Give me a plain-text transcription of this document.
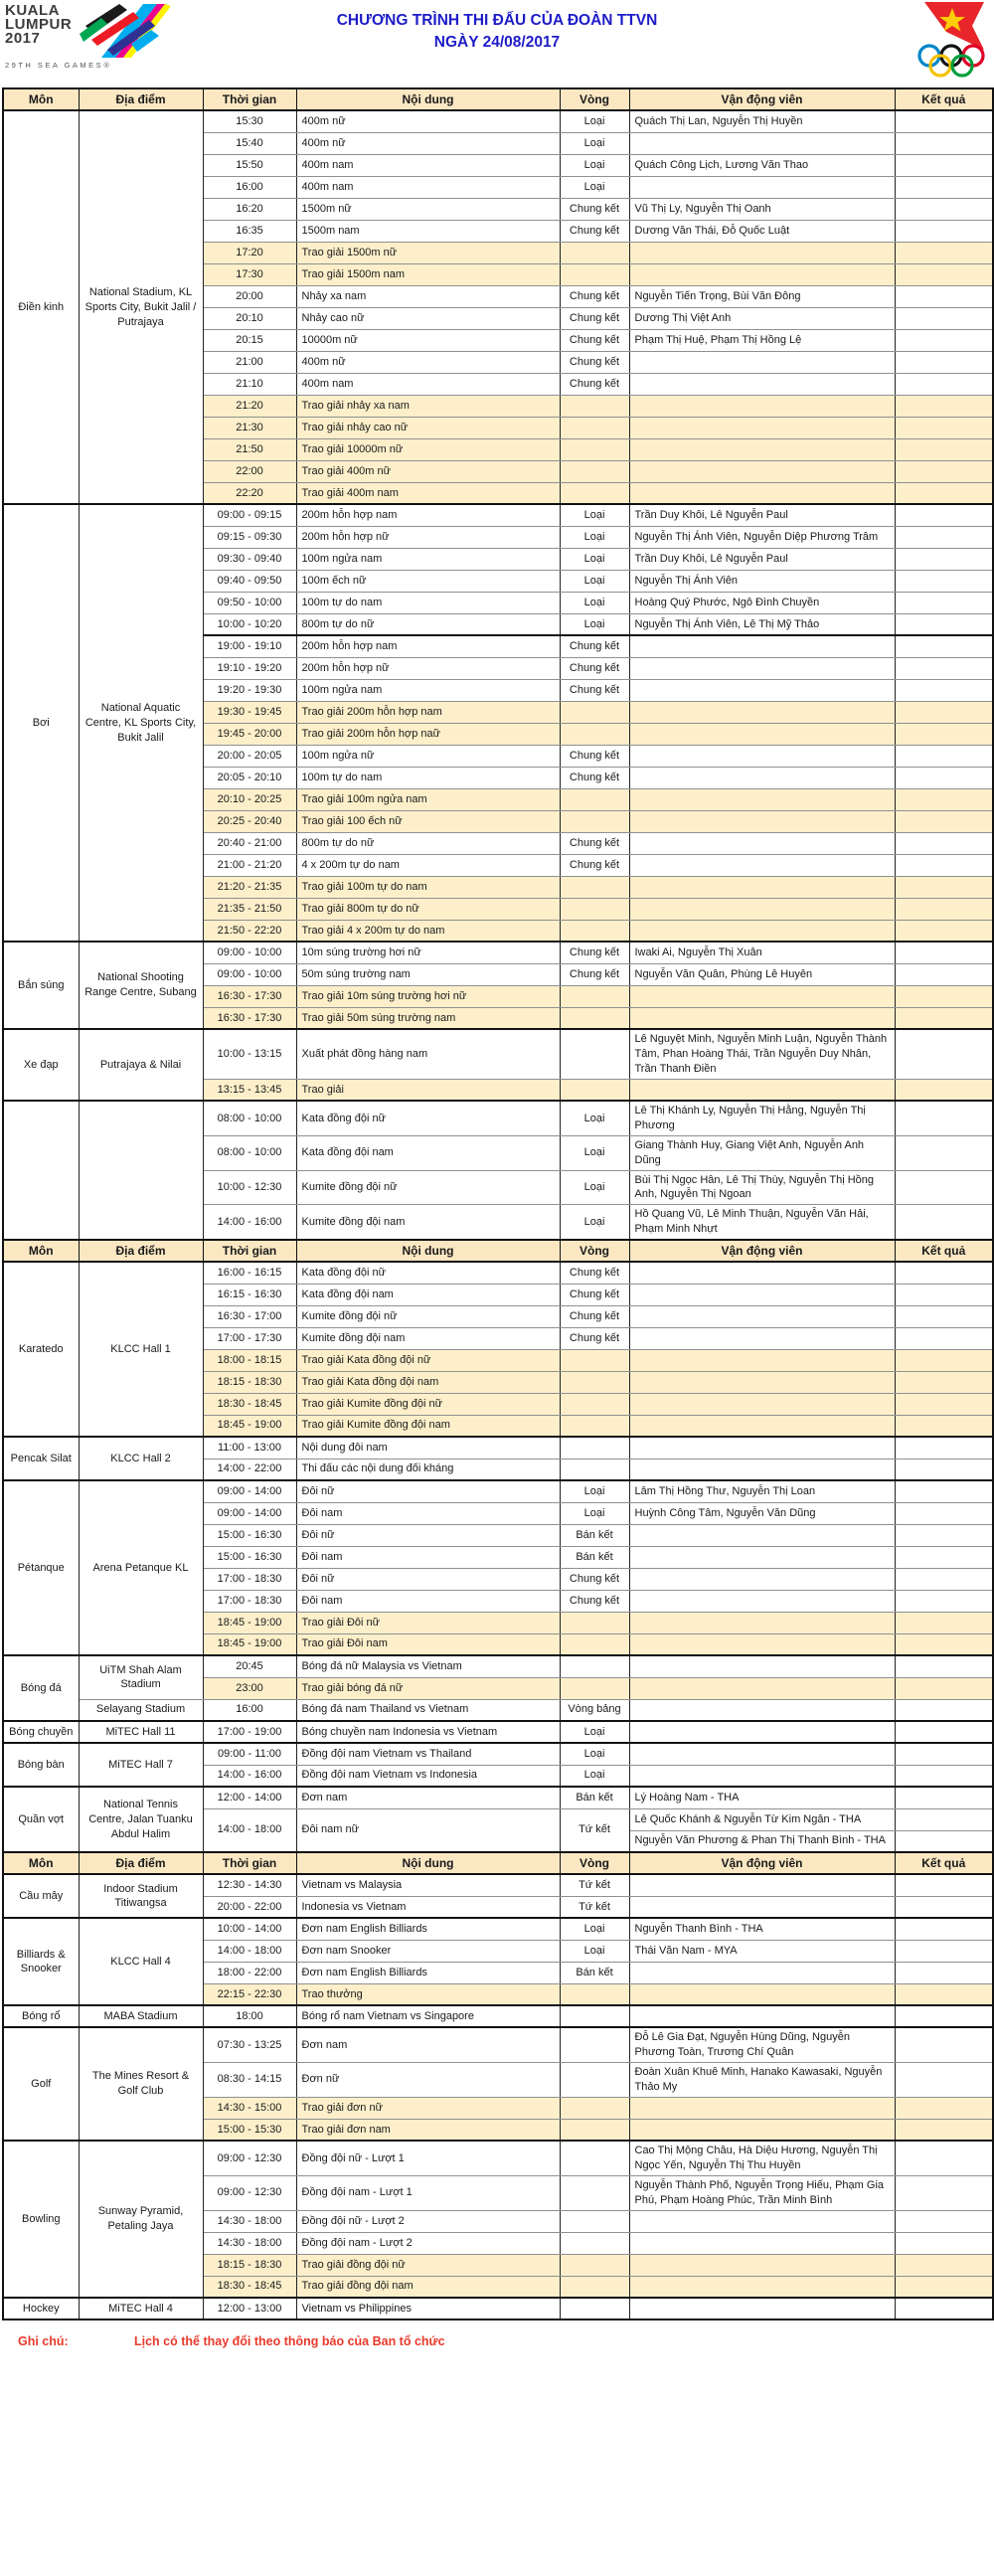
KUALA
LUMPUR
2017
29TH SEA GAMES®
CHƯƠNG TRÌNH THI ĐẤU CỦA ĐOÀN TTVN
NGÀY 24/08/2017
Môn	Địa điểm	Thời gian	Nội dung	Vòng	Vận động viên	Kết quả
Điền kinh	National Stadium, KL Sports City, Bukit Jalil / Putrajaya	15:30	400m nữ	Loại	Quách Thị Lan, Nguyễn Thị Huyền	
		15:40	400m nữ	Loại		
		15:50	400m nam	Loại	Quách Công Lịch, Lương Văn Thao	
		16:00	400m nam	Loại		
		16:20	1500m nữ	Chung kết	Vũ Thị Ly, Nguyễn Thị Oanh	
		16:35	1500m nam	Chung kết	Dương Văn Thái, Đỗ Quốc Luật	
		17:20	Trao giải 1500m nữ			
		17:30	Trao giải 1500m nam			
		20:00	Nhảy xa nam	Chung kết	Nguyễn Tiến Trọng, Bùi Văn Đông	
		20:10	Nhảy cao nữ	Chung kết	Dương Thị Việt Anh	
		20:15	10000m nữ	Chung kết	Phạm Thị Huệ, Phạm Thị Hồng Lệ	
		21:00	400m nữ	Chung kết		
		21:10	400m nam	Chung kết		
		21:20	Trao giải nhảy xa nam			
		21:30	Trao giải nhảy cao nữ			
		21:50	Trao giải 10000m nữ			
		22:00	Trao giải 400m nữ			
		22:20	Trao giải 400m nam			
Bơi	National Aquatic Centre, KL Sports City, Bukit Jalil	09:00 - 09:15	200m hỗn hợp nam	Loại	Trần Duy Khôi, Lê Nguyễn Paul	
		09:15 - 09:30	200m hỗn hợp nữ	Loại	Nguyễn Thị Ánh Viên, Nguyễn Diệp Phương Trâm	
		09:30 - 09:40	100m ngửa nam	Loại	Trần Duy Khôi, Lê Nguyễn Paul	
		09:40 - 09:50	100m ếch nữ	Loại	Nguyễn Thị Ánh Viên	
		09:50 - 10:00	100m tự do nam	Loại	Hoàng Quý Phước, Ngô Đình Chuyền	
		10:00 - 10:20	800m tự do nữ	Loại	Nguyễn Thị Ánh Viên, Lê Thị Mỹ Thảo	
		19:00 - 19:10	200m hỗn hợp nam	Chung kết		
		19:10 - 19:20	200m hỗn hợp nữ	Chung kết		
		19:20 - 19:30	100m ngửa nam	Chung kết		
		19:30 - 19:45	Trao giải 200m hỗn hợp nam			
		19:45 - 20:00	Trao giải 200m hỗn hợp naữ			
		20:00 - 20:05	100m ngửa nữ	Chung kết		
		20:05 - 20:10	100m tự do nam	Chung kết		
		20:10 - 20:25	Trao giải 100m ngửa nam			
		20:25 - 20:40	Trao giải 100 ếch nữ			
		20:40 - 21:00	800m tự do nữ	Chung kết		
		21:00 - 21:20	4 x 200m tự do nam	Chung kết		
		21:20 - 21:35	Trao giải 100m tự do nam			
		21:35 - 21:50	Trao giải 800m tự do nữ			
		21:50 - 22:20	Trao giải 4 x 200m tự do nam			
Bắn súng	National Shooting Range Centre, Subang	09:00 - 10:00	10m súng trường hơi nữ	Chung kết	Iwaki Ai, Nguyễn Thị Xuân	
		09:00 - 10:00	50m súng trường nam	Chung kết	Nguyễn Văn Quân, Phùng Lê Huyên	
		16:30 - 17:30	Trao giải 10m súng trường hơi nữ			
		16:30 - 17:30	Trao giải 50m súng trường nam			
Xe đạp	Putrajaya & Nilai	10:00 - 13:15	Xuất phát đồng hàng nam		Lê Nguyệt Minh, Nguyễn Minh Luận, Nguyễn Thành Tâm, Phan Hoàng Thái, Trần Nguyễn Duy Nhân, Trần Thanh Điền	
		13:15 - 13:45	Trao giải			
		08:00 - 10:00	Kata đồng đội nữ	Loại	Lê Thị Khánh Ly, Nguyễn Thị Hằng, Nguyễn Thị Phương	
		08:00 - 10:00	Kata đồng đội nam	Loại	Giang Thành Huy, Giang Việt Anh, Nguyễn Anh Dũng	
		10:00 - 12:30	Kumite đồng đội nữ	Loại	Bùi Thị Ngọc Hân, Lê Thị Thùy, Nguyễn Thị Hồng Anh, Nguyễn Thị Ngoan	
		14:00 - 16:00	Kumite đồng đội nam	Loại	Hồ Quang Vũ, Lê Minh Thuận, Nguyễn Văn Hải, Phạm Minh Nhựt	
Môn	Địa điểm	Thời gian	Nội dung	Vòng	Vận động viên	Kết quả
Karatedo	KLCC Hall 1	16:00 - 16:15	Kata đồng đội nữ	Chung kết		
		16:15 - 16:30	Kata đồng đội nam	Chung kết		
		16:30 - 17:00	Kumite đồng đội nữ	Chung kết		
		17:00 - 17:30	Kumite đồng đội nam	Chung kết		
		18:00 - 18:15	Trao giải Kata đồng đội nữ			
		18:15 - 18:30	Trao giải Kata đồng đội nam			
		18:30 - 18:45	Trao giải Kumite đồng đội nữ			
		18:45 - 19:00	Trao giải Kumite đồng đội nam			
Pencak Silat	KLCC Hall 2	11:00 - 13:00	Nội dung đôi nam			
		14:00 - 22:00	Thi đấu các nội dung đối kháng			
Pétanque	Arena Petanque KL	09:00 - 14:00	Đôi nữ	Loại	Lâm Thị Hồng Thư, Nguyễn Thị Loan	
		09:00 - 14:00	Đôi nam	Loại	Huỳnh Công Tâm, Nguyễn Văn Dũng	
		15:00 - 16:30	Đôi nữ	Bán kết		
		15:00 - 16:30	Đôi nam	Bán kết		
		17:00 - 18:30	Đôi nữ	Chung kết		
		17:00 - 18:30	Đôi nam	Chung kết		
		18:45 - 19:00	Trao giải Đôi nữ			
		18:45 - 19:00	Trao giải Đôi nam			
Bóng đá	UiTM Shah Alam Stadium	20:45	Bóng đá nữ Malaysia vs Vietnam			
		23:00	Trao giải bóng đá nữ			
	Selayang Stadium	16:00	Bóng đá nam Thailand vs Vietnam	Vòng bảng		
Bóng chuyền	MiTEC Hall 11	17:00 - 19:00	Bóng chuyền nam Indonesia vs Vietnam	Loại		
Bóng bàn	MiTEC Hall 7	09:00 - 11:00	Đồng đội nam Vietnam vs Thailand	Loại		
		14:00 - 16:00	Đồng đội nam Vietnam vs Indonesia	Loại		
Quần vợt	National Tennis Centre, Jalan Tuanku Abdul Halim	12:00 - 14:00	Đơn nam	Bán kết	Lý Hoàng Nam - THA	
		14:00 - 18:00	Đôi nam nữ	Tứ kết	Lê Quốc Khánh & Nguyễn Từ Kim Ngân - THA	
					Nguyễn Văn Phương & Phan Thị Thanh Bình - THA	
Môn	Địa điểm	Thời gian	Nội dung	Vòng	Vận động viên	Kết quả
Cầu mây	Indoor Stadium Titiwangsa	12:30 - 14:30	Vietnam vs Malaysia	Tứ kết		
		20:00 - 22:00	Indonesia vs Vietnam	Tứ kết		
Billiards & Snooker	KLCC Hall 4	10:00 - 14:00	Đơn nam English Billiards	Loại	Nguyễn Thanh Bình - THA	
		14:00 - 18:00	Đơn nam Snooker	Loại	Thái Văn Nam - MYA	
		18:00 - 22:00	Đơn nam English Billiards	Bán kết		
		22:15 - 22:30	Trao thưởng			
Bóng rổ	MABA Stadium	18:00	Bóng rổ nam Vietnam vs Singapore			
Golf	The Mines Resort & Golf Club	07:30 - 13:25	Đơn nam		Đỗ Lê Gia Đạt, Nguyễn Hùng Dũng, Nguyễn Phương Toàn, Trương Chí Quân	
		08:30 - 14:15	Đơn nữ		Đoàn Xuân Khuê Minh, Hanako Kawasaki, Nguyễn Thảo My	
		14:30 - 15:00	Trao giải đơn nữ			
		15:00 - 15:30	Trao giải đơn nam			
Bowling	Sunway Pyramid, Petaling Jaya	09:00 - 12:30	Đồng đội nữ - Lượt 1		Cao Thị Mộng Châu, Hà Diệu Hương, Nguyễn Thị Ngọc Yến, Nguyễn Thị Thu Huyền	
		09:00 - 12:30	Đồng đội nam - Lượt 1		Nguyễn Thành Phố, Nguyễn Trọng Hiếu, Phạm Gia Phú, Phạm Hoàng Phúc, Trần Minh Bình	
		14:30 - 18:00	Đồng đội nữ - Lượt 2			
		14:30 - 18:00	Đồng đội nam - Lượt 2			
		18:15 - 18:30	Trao giải đồng đội nữ			
		18:30 - 18:45	Trao giải đồng đội nam			
Hockey	MiTEC Hall 4	12:00 - 13:00	Vietnam vs Philippines			
Ghi chú:	Lịch có thể thay đổi theo thông báo của Ban tổ chức
